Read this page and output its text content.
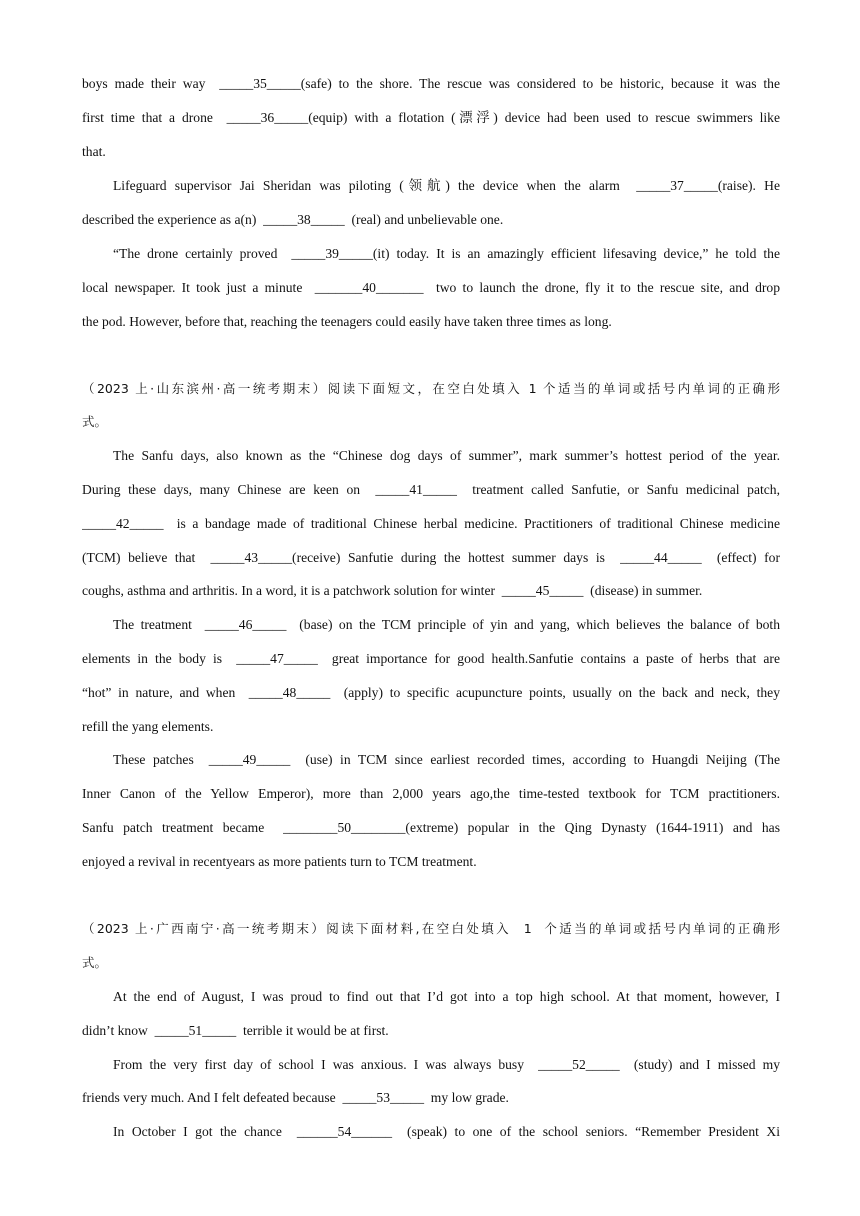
boys made their way  _____35_____(safe) to the shore. The rescue was considered to be historic, because it was the
first time that a drone  _____36_____(equip) with a flotation (漂浮) device had been used to rescue swimmers like
that.
Lifeguard supervisor Jai Sheridan was piloting (领航) the device when the alarm  _____37_____(raise). He
described the experience as a(n)  _____38_____  (real) and unbelievable one.
“The drone certainly proved  _____39_____(it) today. It is an amazingly efficient lifesaving device,” he told the
local newspaper. It took just a minute  _______40_______  two to launch the drone, fly it to the rescue site, and drop
the pod. However, before that, reaching the teenagers could easily have taken three times as long.
（2023 上·山东滨州·高一统考期末）阅读下面短文，在空白处填入 1 个适当的单词或括号内单词的正确形
式。
The Sanfu days, also known as the “Chinese dog days of summer”, mark summer’s hottest period of the year.
During these days, many Chinese are keen on  _____41_____  treatment called Sanfutie, or Sanfu medicinal patch,
_____42_____  is a bandage made of traditional Chinese herbal medicine. Practitioners of traditional Chinese medicine
(TCM) believe that  _____43_____(receive) Sanfutie during the hottest summer days is  _____44_____  (effect) for
coughs, asthma and arthritis. In a word, it is a patchwork solution for winter  _____45_____  (disease) in summer.
The treatment  _____46_____  (base) on the TCM principle of yin and yang, which believes the balance of both
elements in the body is  _____47_____  great importance for good health.Sanfutie contains a paste of herbs that are
“hot” in nature, and when  _____48_____  (apply) to specific acupuncture points, usually on the back and neck, they
refill the yang elements.
These patches  _____49_____  (use) in TCM since earliest recorded times, according to Huangdi Neijing (The
Inner Canon of the Yellow Emperor), more than 2,000 years ago,the time-tested textbook for TCM practitioners.
Sanfu patch treatment became  ________50________(extreme) popular in the Qing Dynasty (1644-1911) and has
enjoyed a revival in recentyears as more patients turn to TCM treatment.
（2023 上·广西南宁·高一统考期末）阅读下面材料,在空白处填入  1  个适当的单词或括号内单词的正确形
式。
At the end of August, I was proud to find out that I’d got into a top high school. At that moment, however, I
didn’t know  _____51_____  terrible it would be at first.
From the very first day of school I was anxious. I was always busy  _____52_____  (study) and I missed my
friends very much. And I felt defeated because  _____53_____  my low grade.
In October I got the chance  ______54______  (speak) to one of the school seniors. “Remember President Xi
